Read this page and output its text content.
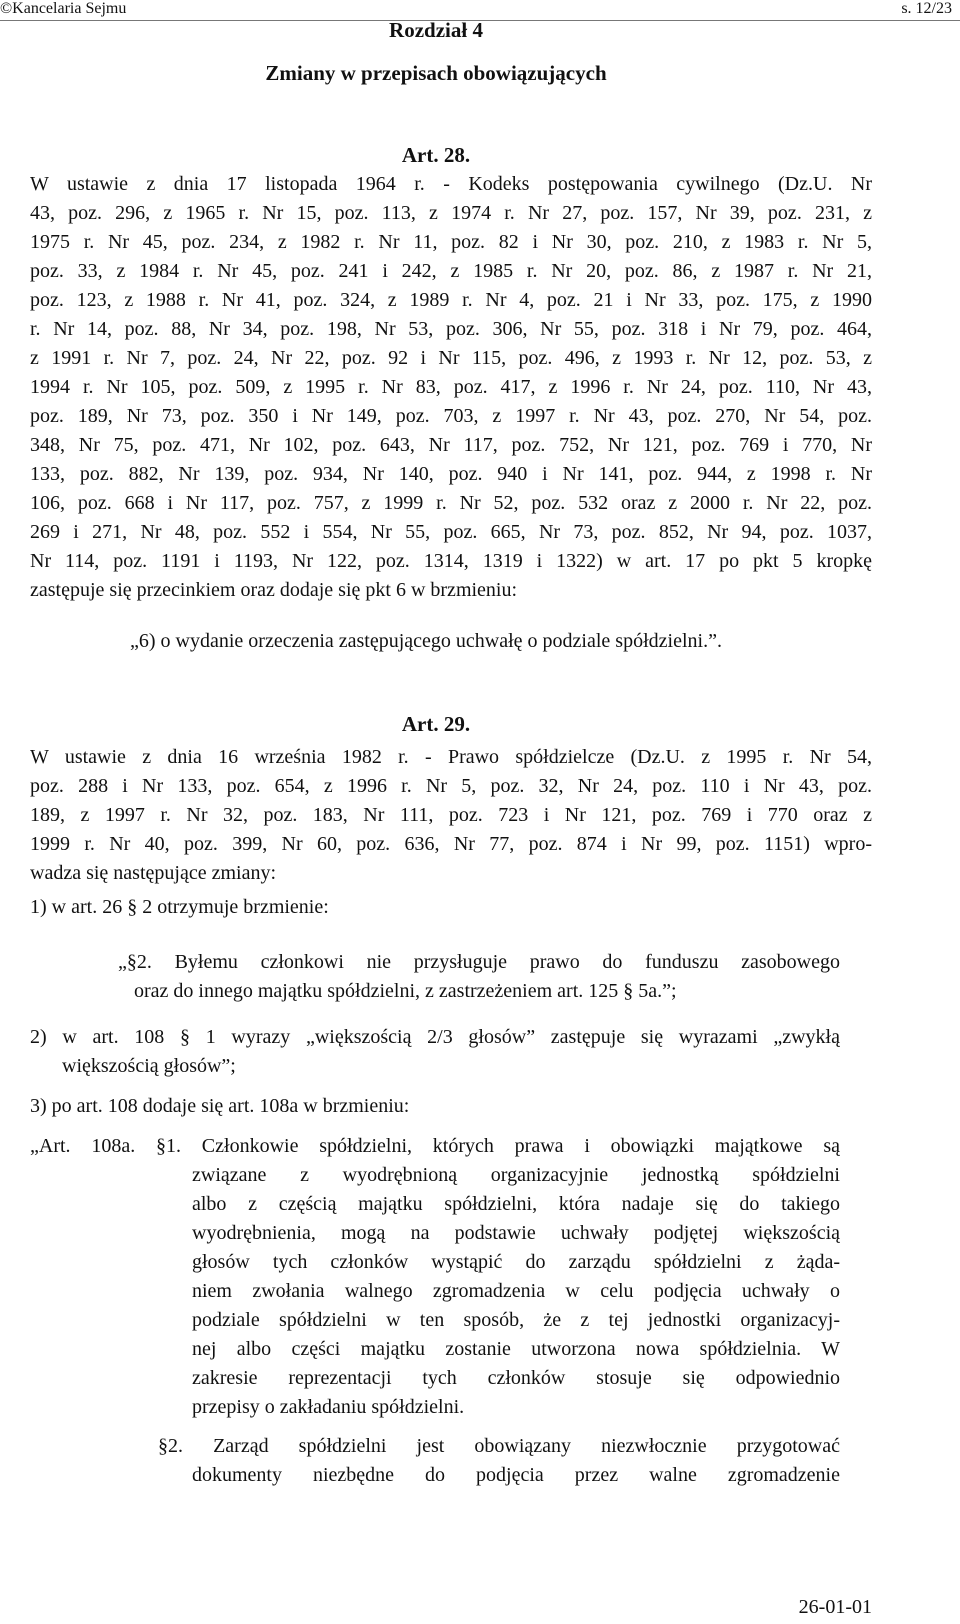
©Kancelaria Sejmu	s. 12/23
Rozdział 4
Zmiany w przepisach obowiązujących
Art. 28.
W ustawie z dnia 17 listopada 1964 r. - Kodeks postępowania cywilnego (Dz.U. Nr
43, poz. 296, z 1965 r. Nr 15, poz. 113, z 1974 r. Nr 27, poz. 157, Nr 39, poz. 231, z
1975 r. Nr 45, poz. 234, z 1982 r. Nr 11, poz. 82 i Nr 30, poz. 210, z 1983 r. Nr 5,
poz. 33, z 1984 r. Nr 45, poz. 241 i 242, z 1985 r. Nr 20, poz. 86, z 1987 r. Nr 21,
poz. 123, z 1988 r. Nr 41, poz. 324, z 1989 r. Nr 4, poz. 21 i Nr 33, poz. 175, z 1990
r. Nr 14, poz. 88, Nr 34, poz. 198, Nr 53, poz. 306, Nr 55, poz. 318 i Nr 79, poz. 464,
z 1991 r. Nr 7, poz. 24, Nr 22, poz. 92 i Nr 115, poz. 496, z 1993 r. Nr 12, poz. 53, z
1994 r. Nr 105, poz. 509, z 1995 r. Nr 83, poz. 417, z 1996 r. Nr 24, poz. 110, Nr 43,
poz. 189, Nr 73, poz. 350 i Nr 149, poz. 703, z 1997 r. Nr 43, poz. 270, Nr 54, poz.
348, Nr 75, poz. 471, Nr 102, poz. 643, Nr 117, poz. 752, Nr 121, poz. 769 i 770, Nr
133, poz. 882, Nr 139, poz. 934, Nr 140, poz. 940 i Nr 141, poz. 944, z 1998 r. Nr
106, poz. 668 i Nr 117, poz. 757, z 1999 r. Nr 52, poz. 532 oraz z 2000 r. Nr 22, poz.
269 i 271, Nr 48, poz. 552 i 554, Nr 55, poz. 665, Nr 73, poz. 852, Nr 94, poz. 1037,
Nr 114, poz. 1191 i 1193, Nr 122, poz. 1314, 1319 i 1322) w art. 17 po pkt 5 kropkę
zastępuje się przecinkiem oraz dodaje się pkt 6 w brzmieniu:
„6) o wydanie orzeczenia zastępującego uchwałę o podziale spółdzielni.”.
Art. 29.
W ustawie z dnia 16 września 1982 r. - Prawo spółdzielcze (Dz.U. z 1995 r. Nr 54,
poz. 288 i Nr 133, poz. 654, z 1996 r. Nr 5, poz. 32, Nr 24, poz. 110 i Nr 43, poz.
189, z 1997 r. Nr 32, poz. 183, Nr 111, poz. 723 i Nr 121, poz. 769 i 770 oraz z
1999 r. Nr 40, poz. 399, Nr 60, poz. 636, Nr 77, poz. 874 i Nr 99, poz. 1151) wpro-
wadza się następujące zmiany:
1) w art. 26 § 2 otrzymuje brzmienie:
„§2. Byłemu członkowi nie przysługuje prawo do funduszu zasobowego
oraz do innego majątku spółdzielni, z zastrzeżeniem art. 125 § 5a.”;
2) w art. 108 § 1 wyrazy „większością 2/3 głosów” zastępuje się wyrazami „zwykłą
większością głosów”;
3) po art. 108 dodaje się art. 108a w brzmieniu:
„Art. 108a. §1. Członkowie spółdzielni, których prawa i obowiązki majątkowe są
związane z wyodrębnioną organizacyjnie jednostką spółdzielni
albo z częścią majątku spółdzielni, która nadaje się do takiego
wyodrębnienia, mogą na podstawie uchwały podjętej większością
głosów tych członków wystąpić do zarządu spółdzielni z żąda-
niem zwołania walnego zgromadzenia w celu podjęcia uchwały o
podziale spółdzielni w ten sposób, że z tej jednostki organizacyj-
nej albo części majątku zostanie utworzona nowa spółdzielnia. W
zakresie reprezentacji tych członków stosuje się odpowiednio
przepisy o zakładaniu spółdzielni.
§2. Zarząd spółdzielni jest obowiązany niezwłocznie przygotować
dokumenty niezbędne do podjęcia przez walne zgromadzenie
26-01-01
